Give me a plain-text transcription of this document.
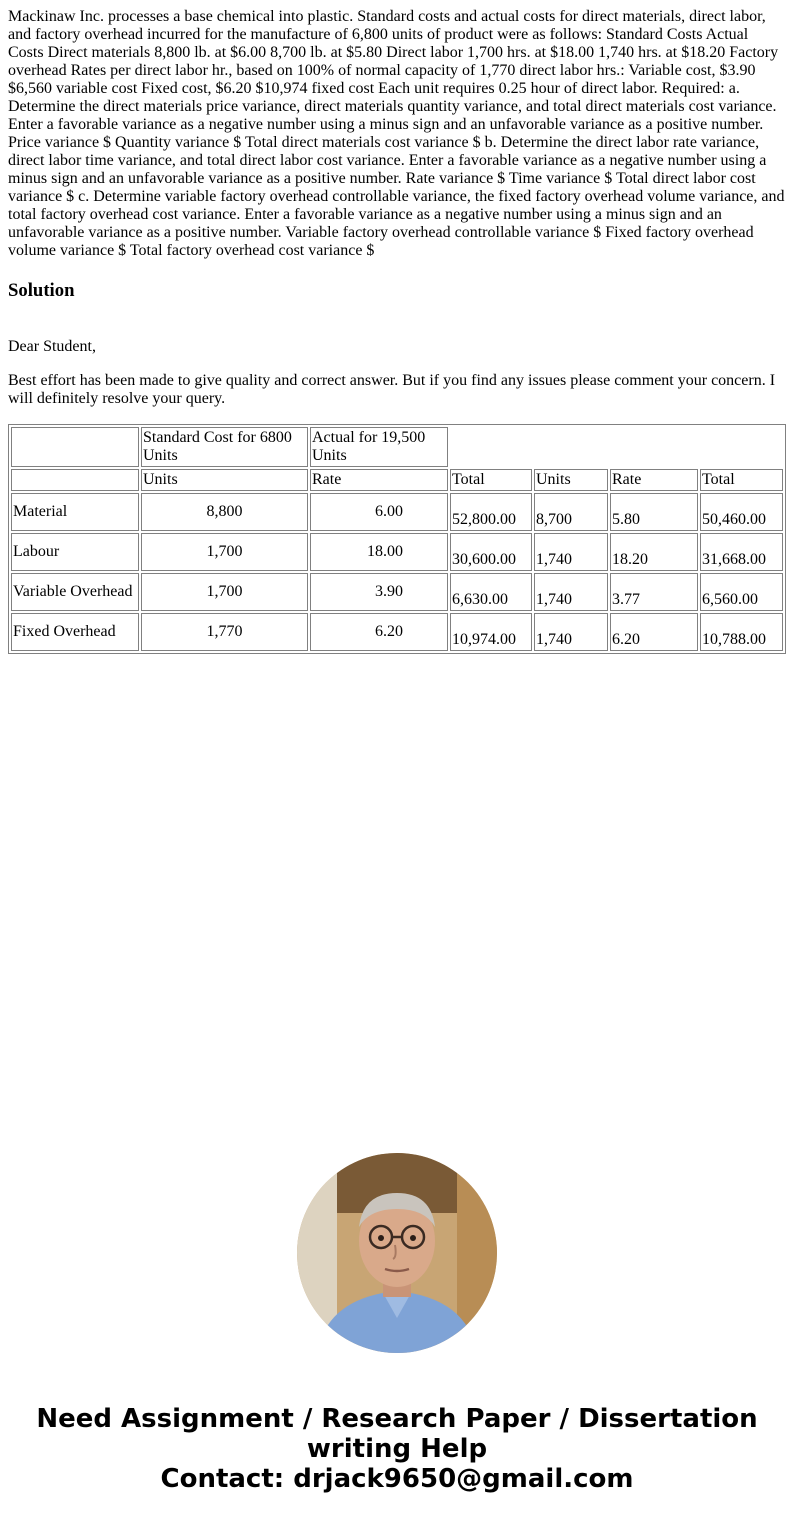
Mackinaw Inc. processes a base chemical into plastic. Standard costs and actual costs for direct materials, direct labor, and factory overhead incurred for the manufacture of 6,800 units of product were as follows: Standard Costs Actual Costs Direct materials 8,800 lb. at $6.00 8,700 lb. at $5.80 Direct labor 1,700 hrs. at $18.00 1,740 hrs. at $18.20 Factory overhead Rates per direct labor hr., based on 100% of normal capacity of 1,770 direct labor hrs.: Variable cost, $3.90 $6,560 variable cost Fixed cost, $6.20 $10,974 fixed cost Each unit requires 0.25 hour of direct labor. Required: a. Determine the direct materials price variance, direct materials quantity variance, and total direct materials cost variance. Enter a favorable variance as a negative number using a minus sign and an unfavorable variance as a positive number. Price variance $ Quantity variance $ Total direct materials cost variance $ b. Determine the direct labor rate variance, direct labor time variance, and total direct labor cost variance. Enter a favorable variance as a negative number using a minus sign and an unfavorable variance as a positive number. Rate variance $ Time variance $ Total direct labor cost variance $ c. Determine variable factory overhead controllable variance, the fixed factory overhead volume variance, and total factory overhead cost variance. Enter a favorable variance as a negative number using a minus sign and an unfavorable variance as a positive number. Variable factory overhead controllable variance $ Fixed factory overhead volume variance $ Total factory overhead cost variance $
Solution

Dear Student,

Best effort has been made to give quality and correct answer. But if you find any issues please comment your concern. I will definitely resolve your query.

	Standard Cost for 6800 Units	Actual for 19,500 Units				
	Units	Rate	Total	Units	Rate	Total
Material	8,800	6.00	52,800.00	8,700	5.80	50,460.00
Labour	1,700	18.00	30,600.00	1,740	18.20	31,668.00
Variable Overhead	1,700	3.90	6,630.00	1,740	3.77	6,560.00
Fixed Overhead	1,770	6.20	10,974.00	1,740	6.20	10,788.00
Need Assignment / Research Paper / Dissertation writing Help
Contact: drjack9650@gmail.com
